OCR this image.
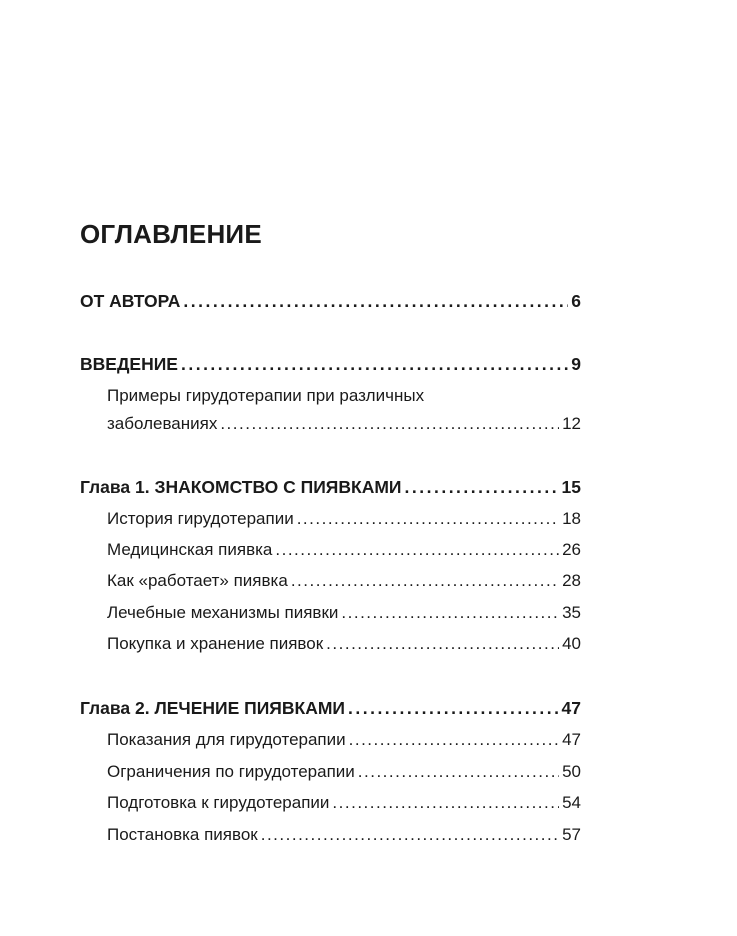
ОГЛАВЛЕНИЕ
ОТ АВТОРА .....	6
ВВЕДЕНИЕ .....	9
Примеры гирудотерапии при различных
заболеваниях .....	12
Глава 1. ЗНАКОМСТВО С ПИЯВКАМИ .....	15
История гирудотерапии .....	18
Медицинская пиявка .....	26
Как «работает» пиявка .....	28
Лечебные механизмы пиявки .....	35
Покупка и хранение пиявок .....	40
Глава 2. ЛЕЧЕНИЕ ПИЯВКАМИ .....	47
Показания для гирудотерапии .....	47
Ограничения по гирудотерапии .....	50
Подготовка к гирудотерапии .....	54
Постановка пиявок .....	57
